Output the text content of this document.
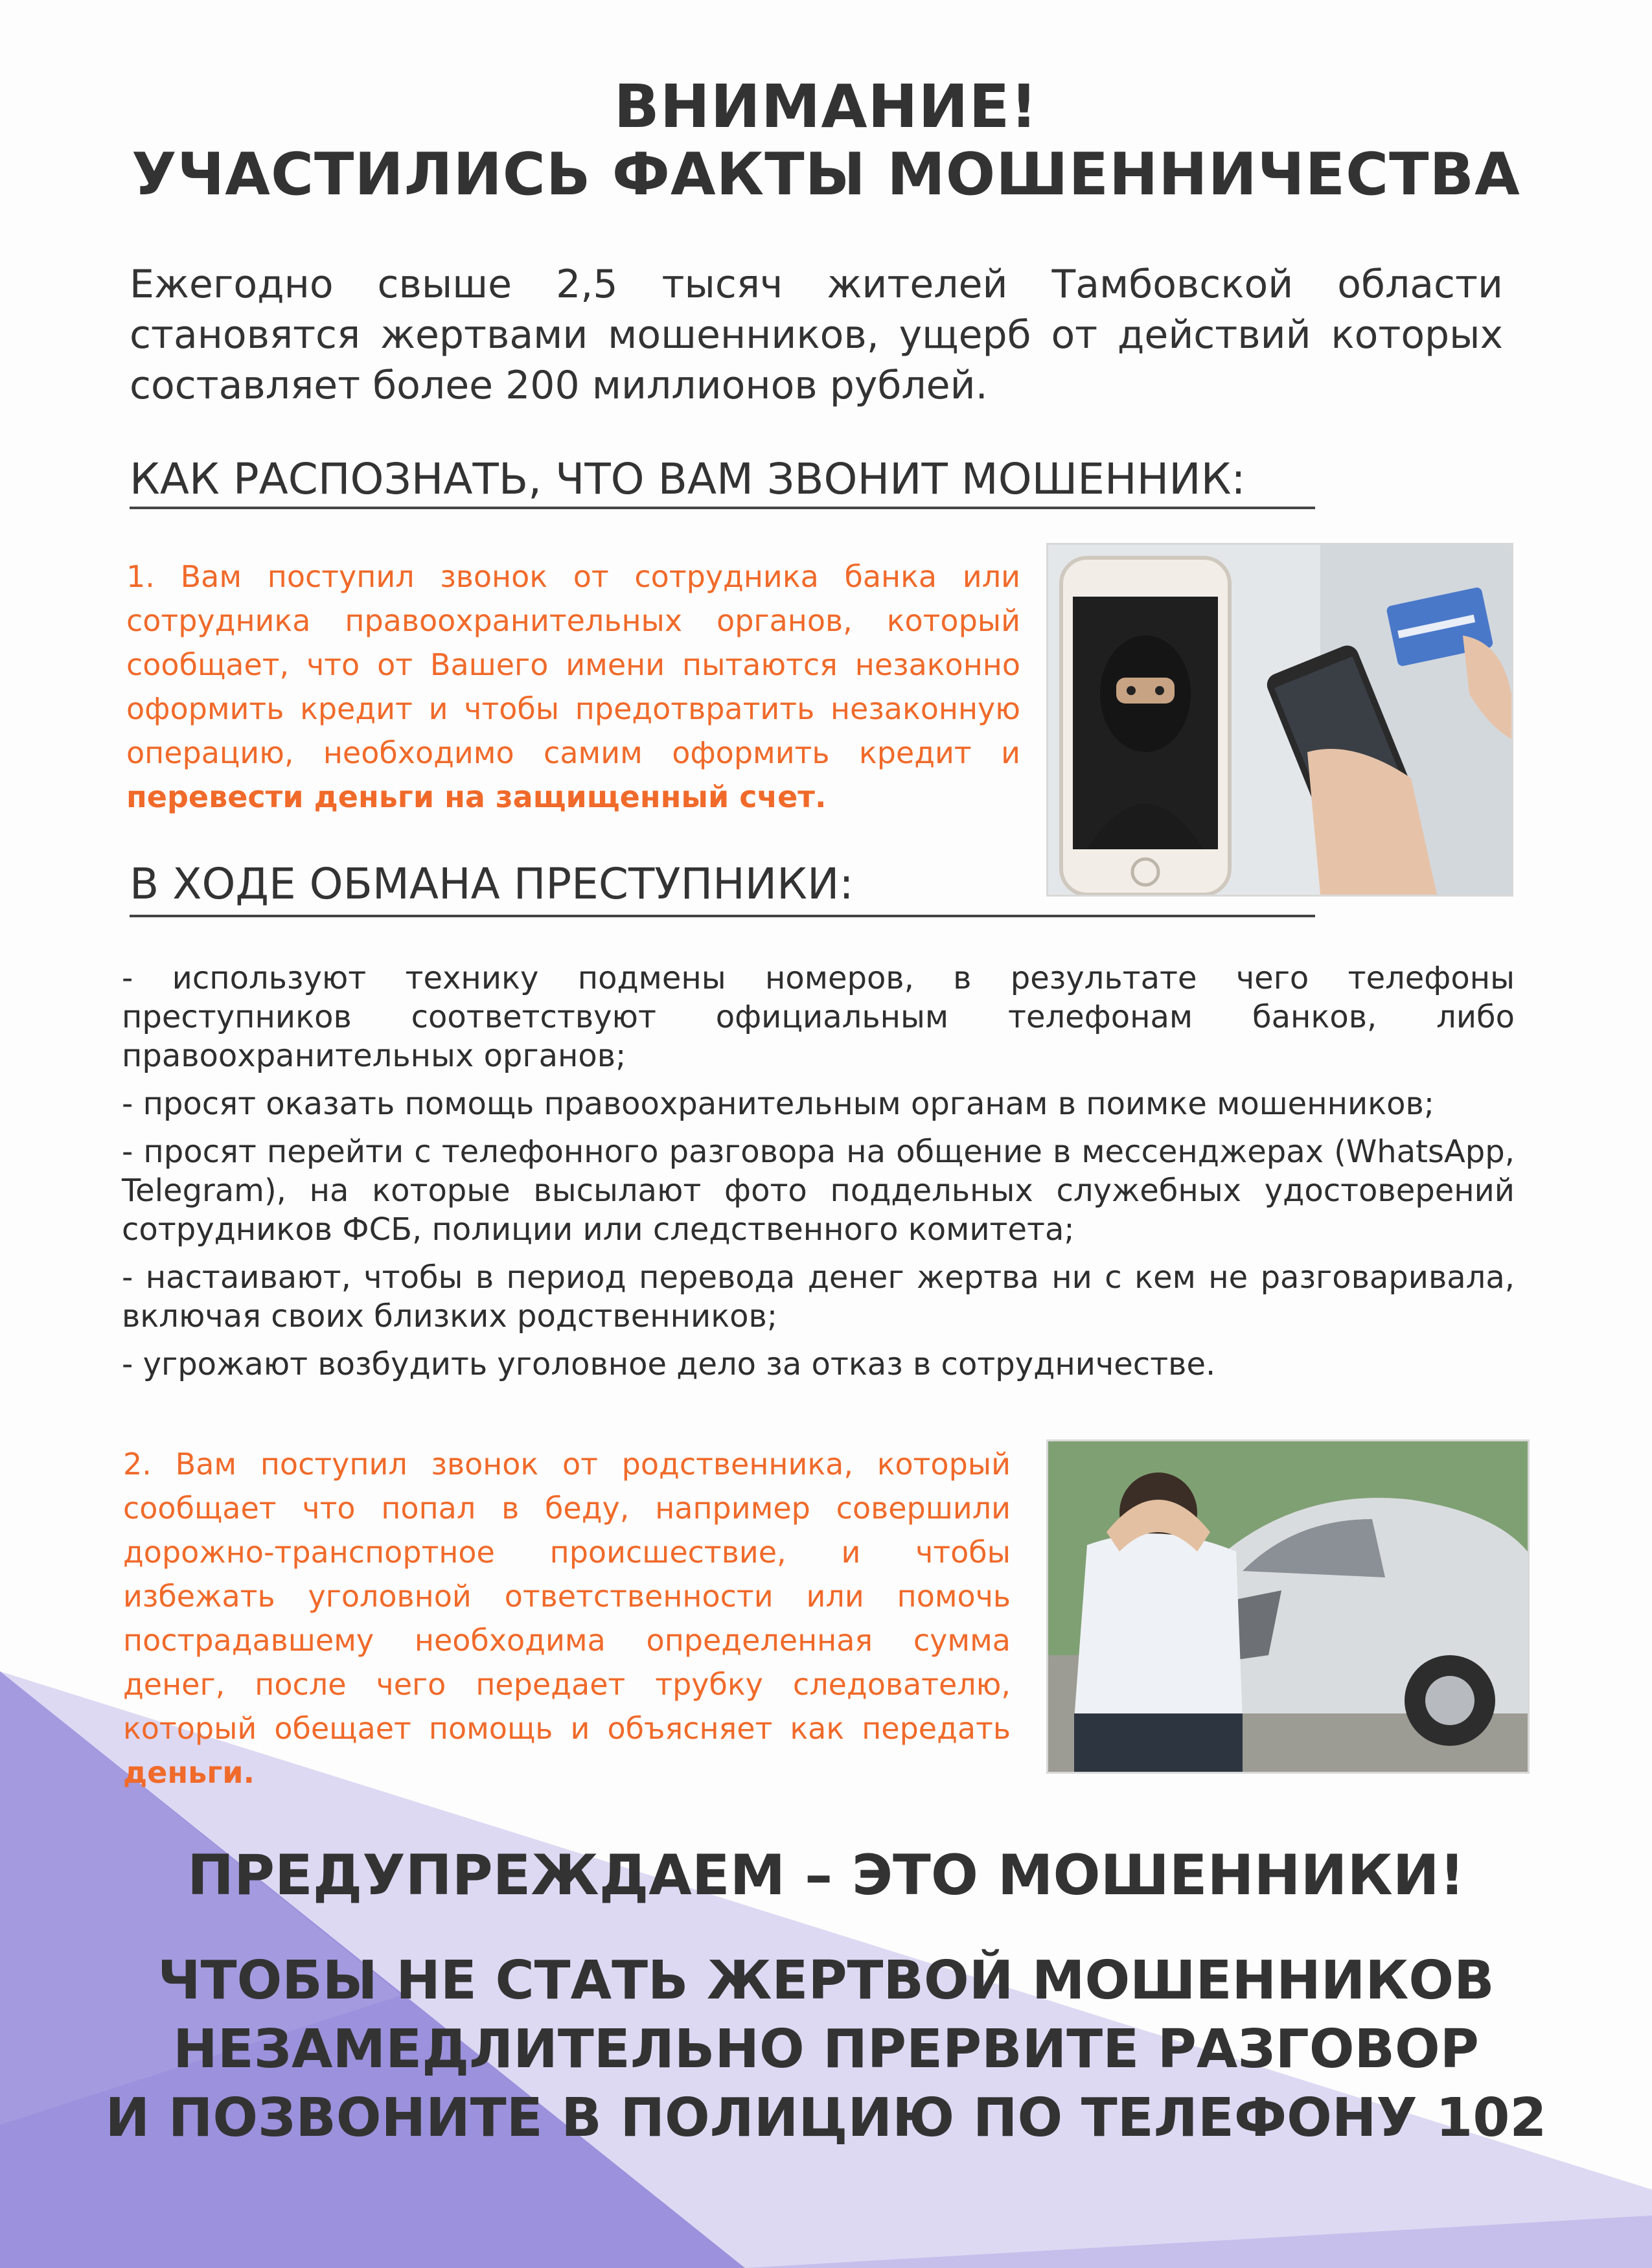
ВНИМАНИЕ!
УЧАСТИЛИСЬ ФАКТЫ МОШЕННИЧЕСТВА
Ежегодно свыше 2,5 тысяч жителей Тамбовской области становятся жертвами мошенников, ущерб от действий которых составляет более 200 миллионов рублей.
КАК РАСПОЗНАТЬ, ЧТО ВАМ ЗВОНИТ МОШЕННИК:
1. Вам поступил звонок от сотрудника банка или сотрудника правоохранительных органов, который сообщает, что от Вашего имени пытаются незаконно оформить кредит и чтобы предотвратить незаконную операцию, необходимо самим оформить кредит и перевести деньги на защищенный счет.
В ХОДЕ ОБМАНА ПРЕСТУПНИКИ:
- используют технику подмены номеров, в результате чего телефоны преступников соответствуют официальным телефонам банков, либо правоохранительных органов;
- просят оказать помощь правоохранительным органам в поимке мошенников;
- просят перейти с телефонного разговора на общение в мессенджерах (WhatsApp, Telegram), на которые высылают фото поддельных служебных удостоверений сотрудников ФСБ, полиции или следственного комитета;
- настаивают, чтобы в период перевода денег жертва ни с кем не разговаривала, включая своих близких родственников;
- угрожают возбудить уголовное дело за отказ в сотрудничестве.
2. Вам поступил звонок от родственника, который сообщает что попал в беду, например совершили дорожно-транспортное происшествие, и чтобы избежать уголовной ответственности или помочь пострадавшему необходима определенная сумма денег, после чего передает трубку следователю, который обещает помощь и объясняет как передать деньги.
ПРЕДУПРЕЖДАЕМ – ЭТО МОШЕННИКИ!
ЧТОБЫ НЕ СТАТЬ ЖЕРТВОЙ МОШЕННИКОВ
НЕЗАМЕДЛИТЕЛЬНО ПРЕРВИТЕ РАЗГОВОР
И ПОЗВОНИТЕ В ПОЛИЦИЮ ПО ТЕЛЕФОНУ 102
